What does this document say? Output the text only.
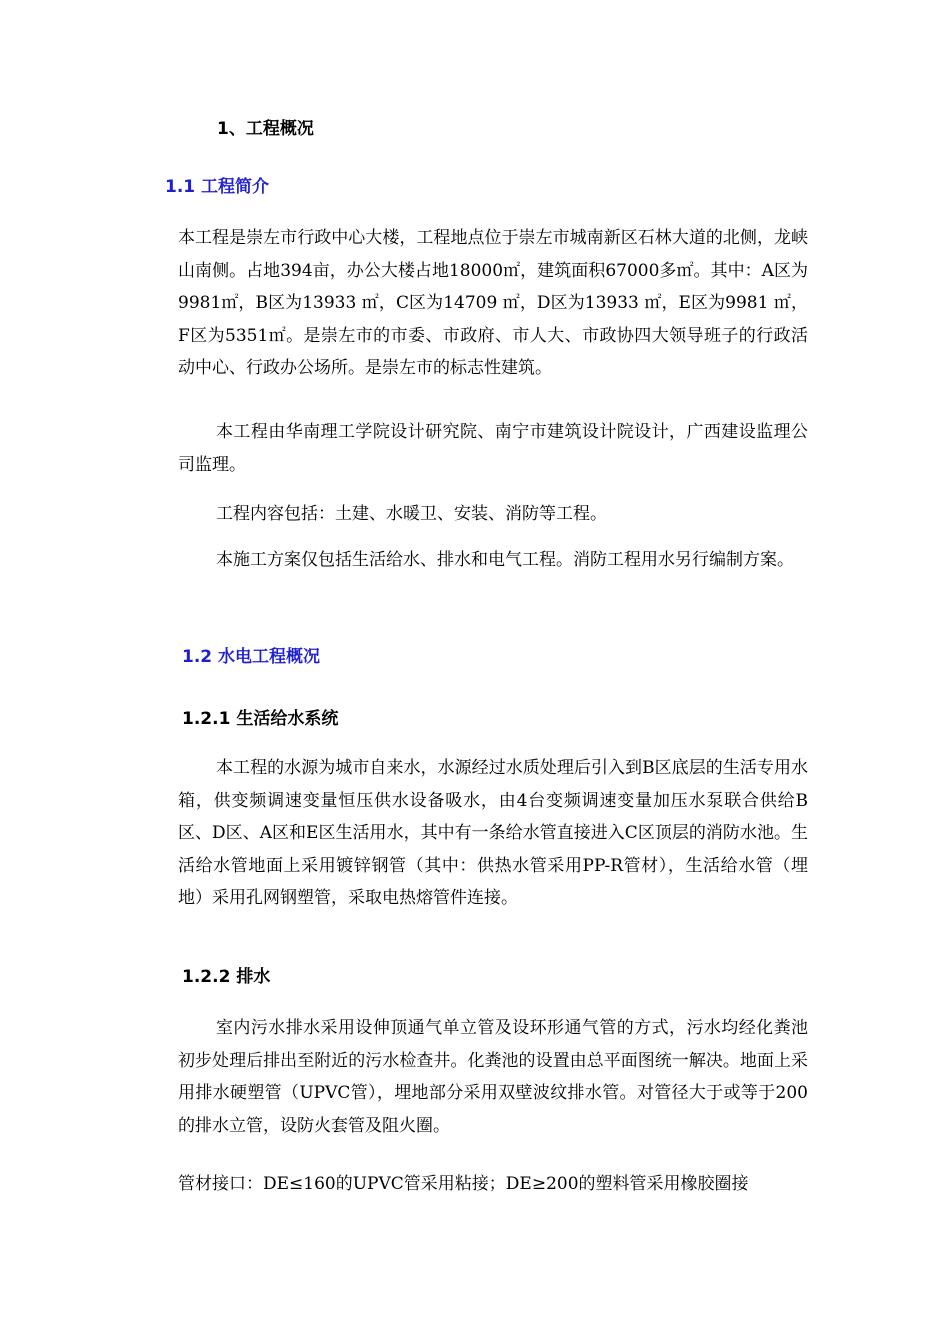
1、工程概况
1.1 工程简介

本工程是崇左市行政中心大楼，工程地点位于崇左市城南新区石林大道的北侧，龙峡山南侧。占地394亩，办公大楼占地18000㎡，建筑面积67000多㎡。其中：A区为9981㎡，B区为13933 ㎡，C区为14709 ㎡，D区为13933 ㎡，E区为9981 ㎡，F区为5351㎡。是崇左市的市委、市政府、市人大、市政协四大领导班子的行政活动中心、行政办公场所。是崇左市的标志性建筑。

本工程由华南理工学院设计研究院、南宁市建筑设计院设计，广西建设监理公司监理。

工程内容包括：土建、水暖卫、安装、消防等工程。

本施工方案仅包括生活给水、排水和电气工程。消防工程用水另行编制方案。

1.2 水电工程概况
1.2.1 生活给水系统

本工程的水源为城市自来水，水源经过水质处理后引入到B区底层的生活专用水箱，供变频调速变量恒压供水设备吸水，由4台变频调速变量加压水泵联合供给B区、D区、A区和E区生活用水，其中有一条给水管直接进入C区顶层的消防水池。生活给水管地面上采用镀锌钢管（其中：供热水管采用PP-R管材），生活给水管（埋地）采用孔网钢塑管，采取电热熔管件连接。

1.2.2 排水

室内污水排水采用设伸顶通气单立管及设环形通气管的方式，污水均经化粪池初步处理后排出至附近的污水检查井。化粪池的设置由总平面图统一解决。地面上采用排水硬塑管（UPVC管），埋地部分采用双壁波纹排水管。对管径大于或等于200的排水立管，设防火套管及阻火圈。

管材接口：DE≤160的UPVC管采用粘接；DE≥200的塑料管采用橡胶圈接
